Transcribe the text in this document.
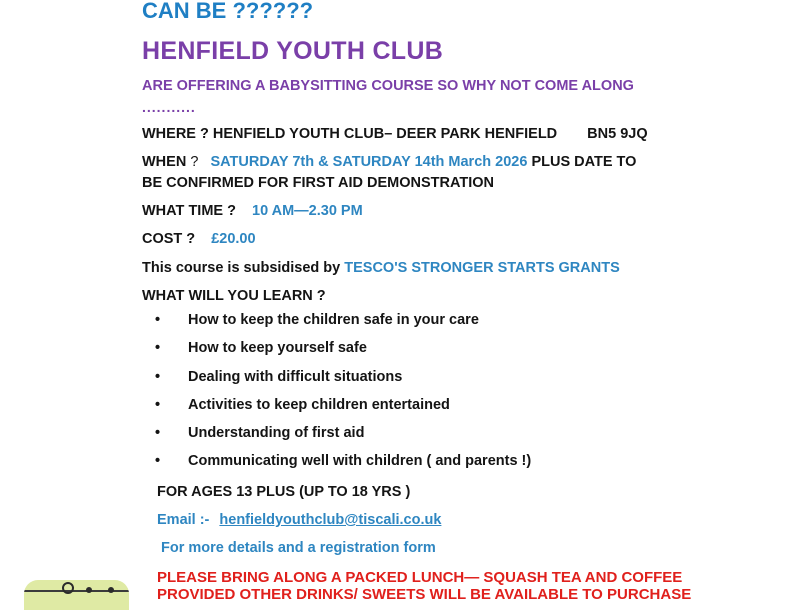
CAN BE ??????
HENFIELD YOUTH CLUB
ARE OFFERING A BABYSITTING COURSE SO WHY NOT COME ALONG
...........
WHERE ? HENFIELD YOUTH CLUB– DEER PARK HENFIELD BN5 9JQ
WHEN ? SATURDAY 7th & SATURDAY 14th March 2026 PLUS DATE TO
BE CONFIRMED FOR FIRST AID DEMONSTRATION
WHAT TIME ? 10 AM—2.30 PM
COST ? £20.00
This course is subsidised by TESCO'S STRONGER STARTS GRANTS
WHAT WILL YOU LEARN ?
• How to keep the children safe in your care
• How to keep yourself safe
• Dealing with difficult situations
• Activities to keep children entertained
• Understanding of first aid
• Communicating well with children ( and parents !)
FOR AGES 13 PLUS (UP TO 18 YRS )
Email :- henfieldyouthclub@tiscali.co.uk
For more details and a registration form
PLEASE BRING ALONG A PACKED LUNCH— SQUASH TEA AND COFFEE
PROVIDED OTHER DRINKS/ SWEETS WILL BE AVAILABLE TO PURCHASE
